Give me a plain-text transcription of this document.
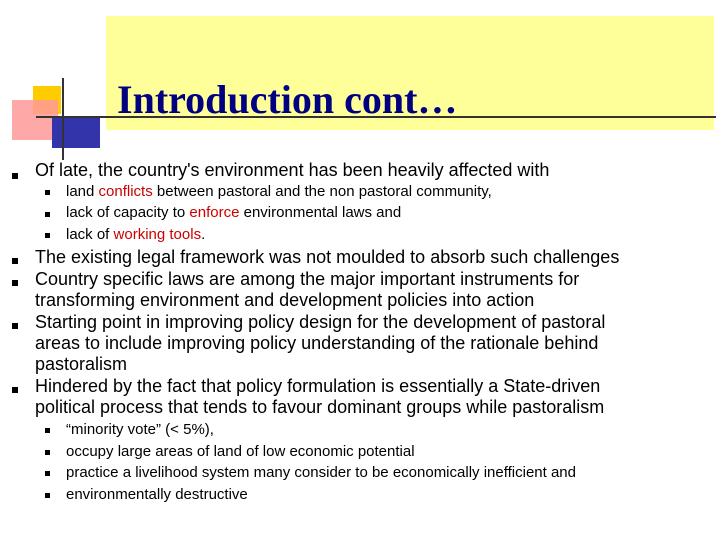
Introduction cont…
Of late, the country's environment has been heavily affected with
land conflicts between pastoral and the non pastoral community,
lack of capacity to enforce environmental laws and
lack of working tools.
The existing legal framework was not moulded to absorb such challenges
Country specific laws are among the major important instruments for
transforming environment and development policies into action
Starting point in improving policy design for the development of pastoral
areas to include improving policy understanding of the rationale behind
pastoralism
Hindered by the fact that policy formulation is essentially a State-driven
political process that tends to favour dominant groups while pastoralism
“minority vote” (< 5%),
occupy large areas of land of low economic potential
practice a livelihood system many consider to be economically inefficient and
environmentally destructive
